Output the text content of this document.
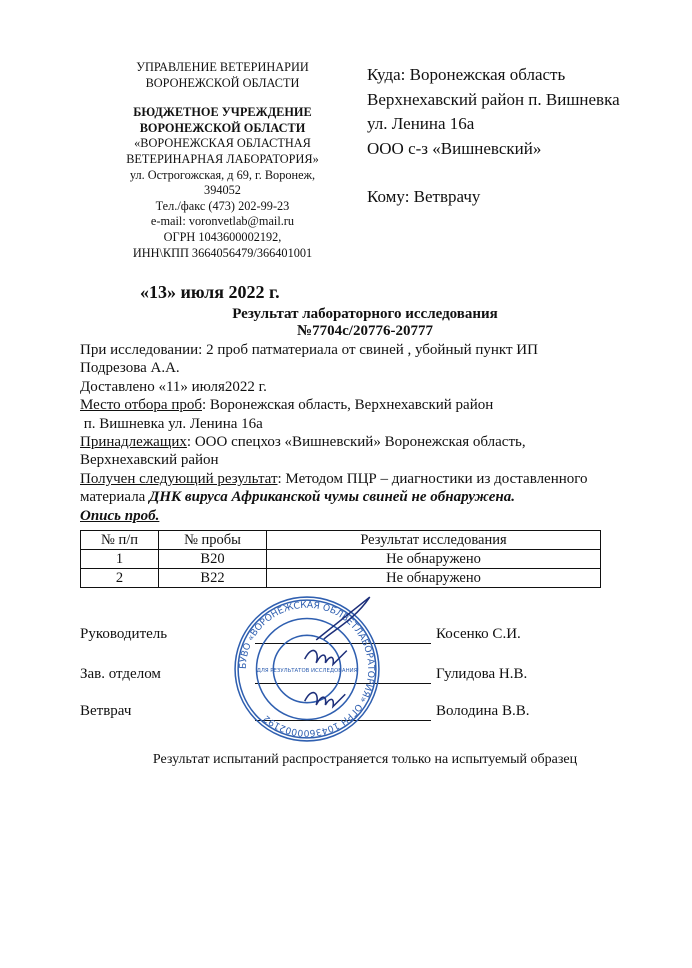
УПРАВЛЕНИЕ ВЕТЕРИНАРИИ
ВОРОНЕЖСКОЙ ОБЛАСТИ
БЮДЖЕТНОЕ УЧРЕЖДЕНИЕ
ВОРОНЕЖСКОЙ ОБЛАСТИ
«ВОРОНЕЖСКАЯ ОБЛАСТНАЯ
ВЕТЕРИНАРНАЯ ЛАБОРАТОРИЯ»
ул. Острогожская, д 69, г. Воронеж,
394052
Тел./факс (473) 202-99-23
e-mail: voronvetlab@mail.ru
ОГРН 1043600002192,
ИНН\КПП 3664056479/366401001
Куда: Воронежская область
Верхнехавский район п. Вишневка
ул. Ленина 16а
ООО с-з «Вишневский»
Кому: Ветврачу
«13» июля 2022 г.
Результат лабораторного исследования
№7704с/20776-20777
При исследовании: 2 проб патматериала от свиней , убойный пункт ИП
Подрезова А.А.
Доставлено «11» июля2022 г.
Место отбора проб: Воронежская область, Верхнехавский район
п. Вишневка ул. Ленина 16а
Принадлежащих: ООО спецхоз «Вишневский» Воронежская область,
Верхнехавский район
Получен следующий результат: Методом ПЦР – диагностики из доставленного
материала ДНК вируса Африканской чумы свиней не обнаружена.
Опись проб.
№ п/п	№ пробы	Результат исследования
1	В20	Не обнаружено
2	В22	Не обнаружено
Руководитель	Косенко С.И.
Зав. отделом	Гулидова Н.В.
Ветврач	Володина В.В.
БУВО «ВОРОНЕЖСКАЯ ОБЛВЕТЛАБОРАТОРИЯ» ОГРН 1043600002192
ДЛЯ РЕЗУЛЬТАТОВ ИССЛЕДОВАНИЯ
Результат испытаний распространяется только на испытуемый образец
